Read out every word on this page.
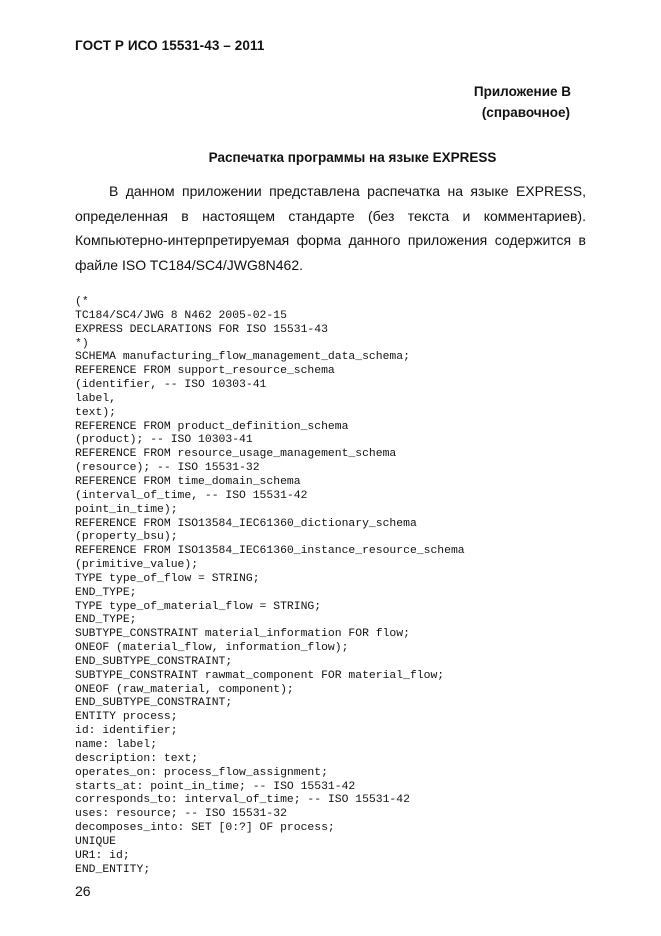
ГОСТ Р ИСО 15531-43 – 2011
Приложение В
(справочное)
Распечатка программы на языке EXPRESS
В данном приложении представлена распечатка на языке EXPRESS,
определенная в настоящем стандарте (без текста и комментариев).
Компьютерно-интерпретируемая форма данного приложения содержится в
файле ISO TC184/SC4/JWG8N462.
(*
TC184/SC4/JWG 8 N462 2005-02-15
EXPRESS DECLARATIONS FOR ISO 15531-43
*)
SCHEMA manufacturing_flow_management_data_schema;
REFERENCE FROM support_resource_schema
(identifier, -- ISO 10303-41
label,
text);
REFERENCE FROM product_definition_schema
(product); -- ISO 10303-41
REFERENCE FROM resource_usage_management_schema
(resource); -- ISO 15531-32
REFERENCE FROM time_domain_schema
(interval_of_time, -- ISO 15531-42
point_in_time);
REFERENCE FROM ISO13584_IEC61360_dictionary_schema
(property_bsu);
REFERENCE FROM ISO13584_IEC61360_instance_resource_schema
(primitive_value);
TYPE type_of_flow = STRING;
END_TYPE;
TYPE type_of_material_flow = STRING;
END_TYPE;
SUBTYPE_CONSTRAINT material_information FOR flow;
ONEOF (material_flow, information_flow);
END_SUBTYPE_CONSTRAINT;
SUBTYPE_CONSTRAINT rawmat_component FOR material_flow;
ONEOF (raw_material, component);
END_SUBTYPE_CONSTRAINT;
ENTITY process;
id: identifier;
name: label;
description: text;
operates_on: process_flow_assignment;
starts_at: point_in_time; -- ISO 15531-42
corresponds_to: interval_of_time; -- ISO 15531-42
uses: resource; -- ISO 15531-32
decomposes_into: SET [0:?] OF process;
UNIQUE
UR1: id;
END_ENTITY;
26
